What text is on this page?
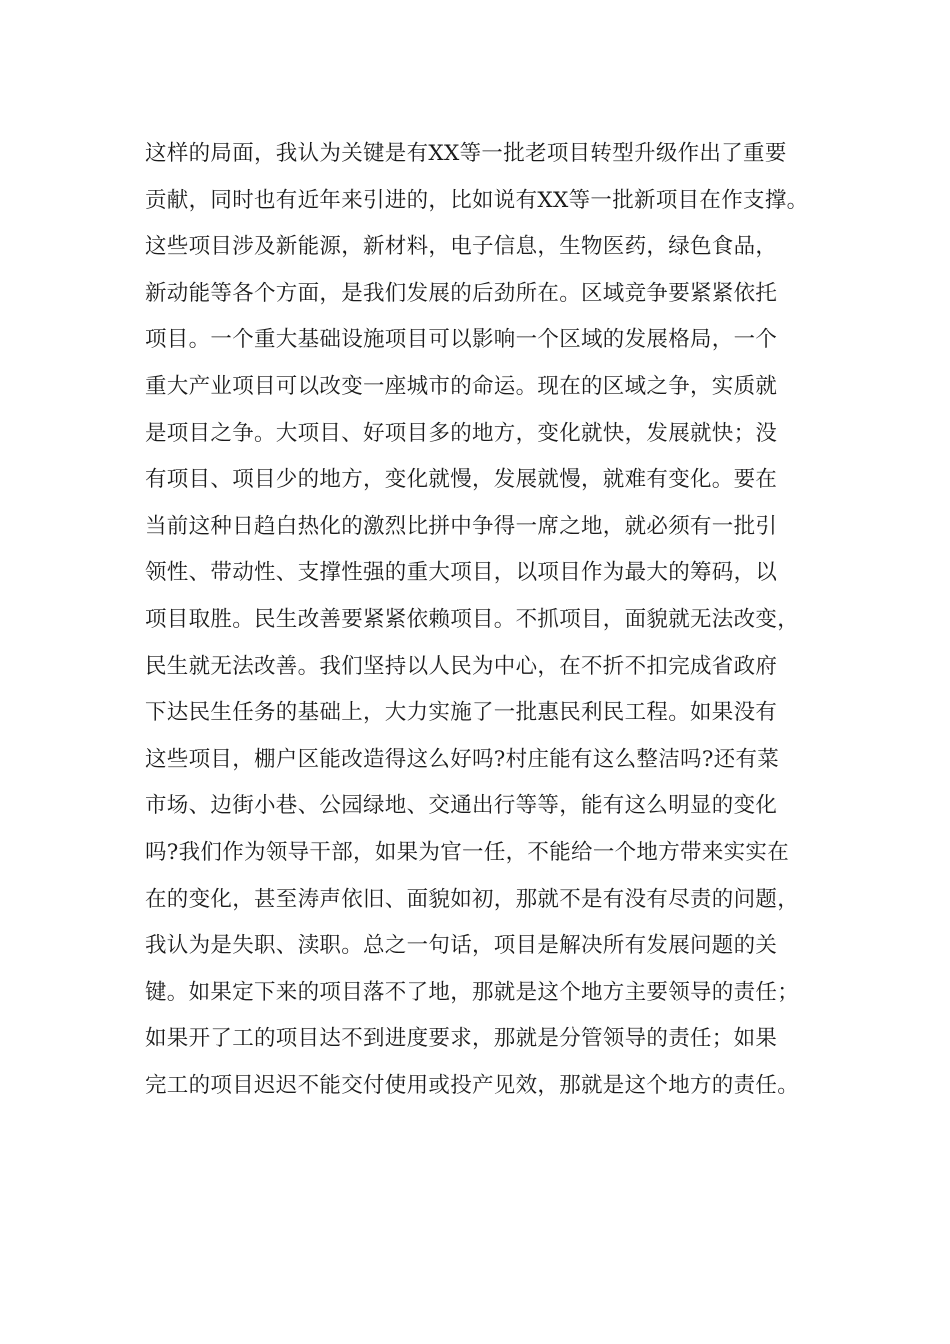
这样的局面，我认为关键是有XX等一批老项目转型升级作出了重要
贡献，同时也有近年来引进的，比如说有XX等一批新项目在作支撑。
这些项目涉及新能源，新材料，电子信息，生物医药，绿色食品，
新动能等各个方面，是我们发展的后劲所在。区域竞争要紧紧依托
项目。一个重大基础设施项目可以影响一个区域的发展格局，一个
重大产业项目可以改变一座城市的命运。现在的区域之争，实质就
是项目之争。大项目、好项目多的地方，变化就快，发展就快；没
有项目、项目少的地方，变化就慢，发展就慢，就难有变化。要在
当前这种日趋白热化的激烈比拼中争得一席之地，就必须有一批引
领性、带动性、支撑性强的重大项目，以项目作为最大的筹码，以
项目取胜。民生改善要紧紧依赖项目。不抓项目，面貌就无法改变，
民生就无法改善。我们坚持以人民为中心，在不折不扣完成省政府
下达民生任务的基础上，大力实施了一批惠民利民工程。如果没有
这些项目，棚户区能改造得这么好吗?村庄能有这么整洁吗?还有菜
市场、边街小巷、公园绿地、交通出行等等，能有这么明显的变化
吗?我们作为领导干部，如果为官一任，不能给一个地方带来实实在
在的变化，甚至涛声依旧、面貌如初，那就不是有没有尽责的问题，
我认为是失职、渎职。总之一句话，项目是解决所有发展问题的关
键。如果定下来的项目落不了地，那就是这个地方主要领导的责任；
如果开了工的项目达不到进度要求，那就是分管领导的责任；如果
完工的项目迟迟不能交付使用或投产见效，那就是这个地方的责任。
